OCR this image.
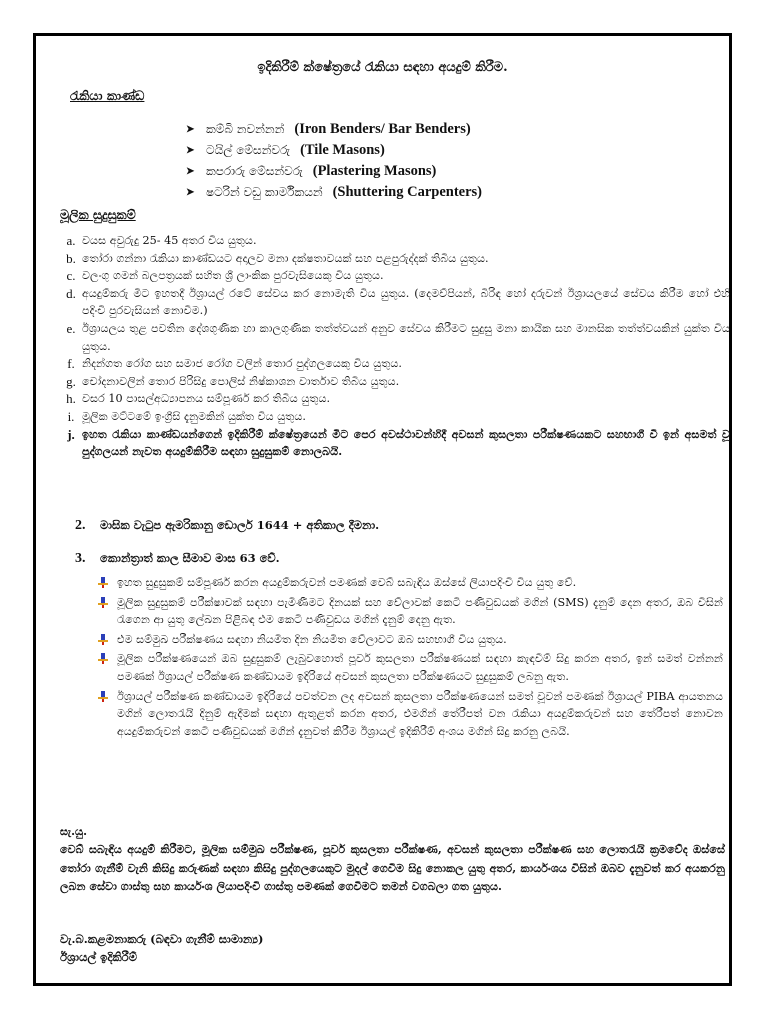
ඉදිකිරීම් ක්ෂේත්‍රයේ රැකියා සඳහා අයදුම් කිරීම.
රැකියා කාණ්ඩ
➤ කම්බි නවන්නන් (Iron Benders/ Bar Benders)
➤ ටයිල් මේසන්වරු (Tile Masons)
➤ කපරාරු මේසන්වරු (Plastering Masons)
➤ ෂටරින් වඩු කාර්මිකයන් (Shuttering Carpenters)
මූලික සුදුසුකම්
a. වයස අවුරුදු 25- 45 අතර විය යුතුය.
b. තෝරා ගන්නා රැකියා කාණ්ඩයට අදාලව මනා දක්ෂතාවයක් සහ පළපුරුද්දක් තිබිය යුතුය.
c. වලංගු ගමන් බලපත්‍රයක් සහිත ශ්‍රී ලාංකික පුරවැසියෙකු විය යුතුය.
d. අයදුම්කරු මීට ඉහතදී ඊශ්‍රායල් රටේ සේවය කර නොමැති විය යුතුය. (දෙමව්පියන්, බිරිඳ හෝ දරුවන් ඊශ්‍රායලයේ සේවය කිරීම හෝ එහි පදිංචි පුරවැසියන් නොවීම.)
e. ඊශ්‍රායලය තුළ පවතින දේශගුණික හා කාලගුණික තත්ත්වයන් අනුව සේවය කිරීමට සුදුසු මනා කායික සහ මානසික තත්ත්වයකින් යුක්ත විය යුතුය.
f. නිදන්ගත රෝග සහ සමාජ රෝග වලින් තොර පුද්ගලයෙකු විය යුතුය.
g. චෝදනාවලින් තොර පිරිසිදු පොලිස් නිෂ්කාශන වාර්තාව තිබිය යුතුය.
h. වසර 10 පාසල්අධ්‍යාපනය සම්පූර්ණ කර තිබිය යුතුය.
i. මූලික මට්ටමේ ඉංග්‍රීසි දැනුමකින් යුක්ත විය යුතුය.
j. ඉහත රැකියා කාණ්ඩයන්ගෙන් ඉදිකිරීම් ක්ෂේත්‍රයෙන් මීට පෙර අවස්ථාවන්හිදී අවසන් කුසලතා පරීක්ෂණයකට සහභාගී වී ඉන් අසමත් වූ පුද්ගලයන් නැවත අයදුම්කිරීම සඳහා සුදුසුකම් නොලබයි.
2.	මාසික වැටුප ඇමරිකානු ඩොලර් 1644 + අතිකාල දීමනා.
3.	කොන්ත්‍රාත් කාල සීමාව මාස 63 වේ.
ඉහත සුදුසුකම් සම්පූර්ණ කරන අයදුම්කරුවන් පමණක් වෙබ් සබැඳිය ඔස්සේ ලියාපදිංචි විය යුතු වේ.
මූලික සුදුසුකම් පරීක්ෂාවක් සඳහා පැමිණීමට දිනයක් සහ වේලාවක් කෙටි පණිවුඩයක් මගින් (SMS) දැනුම් දෙන අතර, ඔබ විසින් රැගෙන ආ යුතු ලේඛන පිළිබඳ එම කෙටි පණිවුඩය මගින් දැනුම් දෙනු ඇත.
එම සම්මුඛ පරීක්ෂණය සඳහා නියමිත දින නියමිත වේලාවට ඔබ සහභාගී විය යුතුය.
මූලික පරීක්ෂණයෙන් ඔබ සුදුසුකම් ලැබුවහොත් පූර්ව කුසලතා පරීක්ෂණයක් සඳහා කැඳවීම් සිදු කරන අතර, ඉන් සමත් වන්නන් පමණක් ඊශ්‍රායල් පරීක්ෂණ කණ්ඩායම ඉදිරියේ අවසන් කුසලතා පරීක්ෂණයට සුදුසුකම් ලබනු ඇත.
ඊශ්‍රායල් පරීක්ෂණ කණ්ඩායම ඉදිරියේ පවත්වන ලද අවසන් කුසලතා පරීක්ෂණයෙන් සමත් වූවන් පමණක් ඊශ්‍රායල් PIBA ආයතනය මගින් ලොතරැයි දිනුම් ඇදීමක් සඳහා ඇතුළත් කරන අතර, එමගින් තේරීපත් වන රැකියා අයදුම්කරුවන් සහ තේරීපත් නොවන අයදුම්කරුවන් කෙටි පණිවුඩයක් මගින් දැනුවත් කිරීම ඊශ්‍රායල් ඉදිකිරීම් අංශය මගින් සිදු කරනු ලබයි.
සැ.යු.
වෙබ් සබැඳිය අයදුම් කිරීමට, මූලික සම්මුඛ පරීක්ෂණ, පූර්ව කුසලතා පරීක්ෂණ, අවසන් කුසලතා පරීක්ෂණ සහ ලොතරැයි ක්‍රමවේද ඔස්සේ තෝරා ගැනීම් වැනි කිසිදු කරුණක් සඳහා කිසිදු පුද්ගලයෙකුට මුදල් ගෙවීම සිදු නොකල යුතු අතර, කාර්යංශය විසින් ඔබව දැනුවත් කර අයකරනු ලබන සේවා ගාස්තු සහ කාර්යංශ ලියාපදිංචි ගාස්තු පමණක් ගෙවීමට තමන් වගබලා ගත යුතුය.
වැ.බ.කළමනාකරු (බඳවා ගැනීම් සාමාන්‍ය)
ඊශ්‍රායල් ඉදිකිරීම්
